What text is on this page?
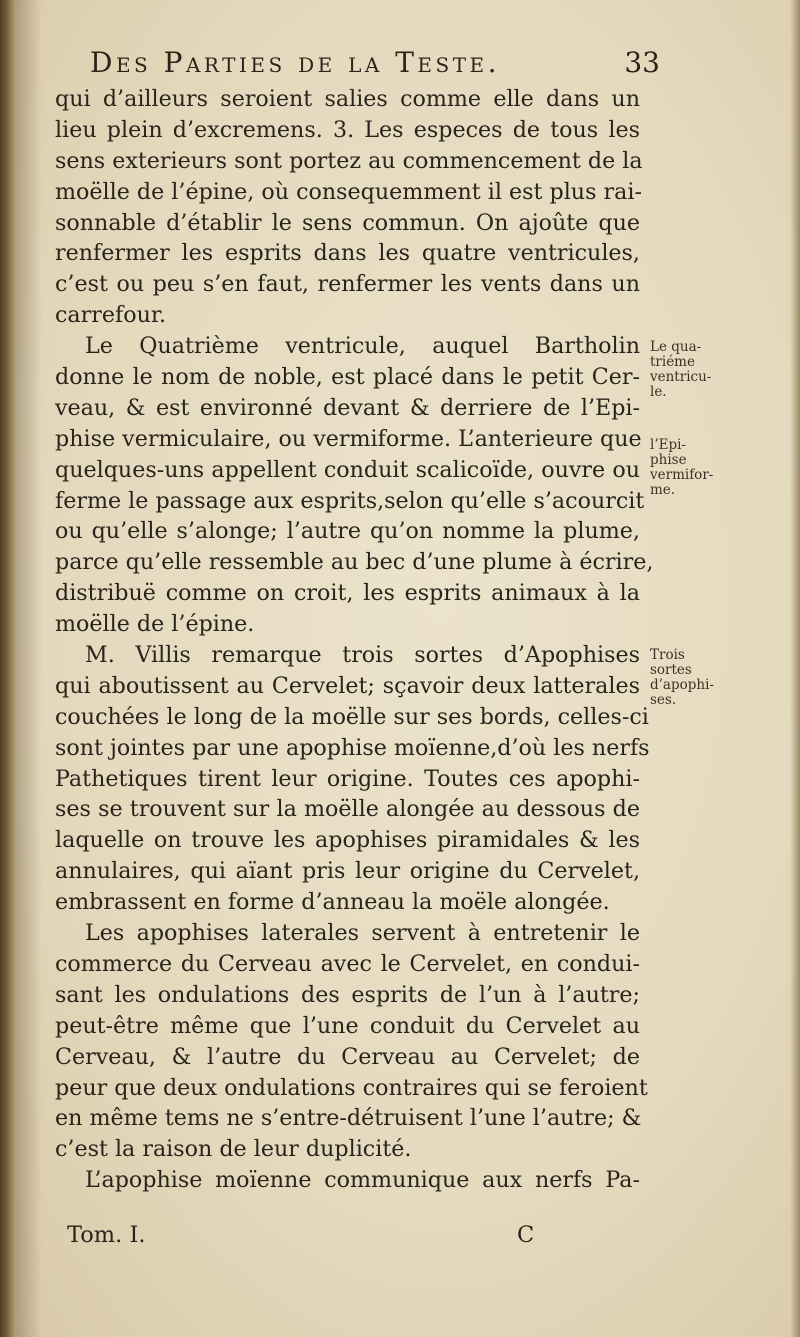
Des Parties de la Teste.	33
qui d’ailleurs seroient salies comme elle dans un
lieu plein d’excremens. 3. Les especes de tous les
sens exterieurs sont portez au commencement de la
moëlle de l’épine, où consequemment il est plus rai-
sonnable d’établir le sens commun. On ajoûte que
renfermer les esprits dans les quatre ventricules,
c’est ou peu s’en faut, renfermer les vents dans un
carrefour.
Le Quatrième ventricule, auquel Bartholin
donne le nom de noble, est placé dans le petit Cer-
veau, & est environné devant & derriere de l’Epi-
phise vermiculaire, ou vermiforme. L’anterieure que
quelques-uns appellent conduit scalicoïde, ouvre ou
ferme le passage aux esprits,selon qu’elle s’acourcit
ou qu’elle s’alonge; l’autre qu’on nomme la plume,
parce qu’elle ressemble au bec d’une plume à écrire,
distribuë comme on croit, les esprits animaux à la
moëlle de l’épine.
M. Villis remarque trois sortes d’Apophises
qui aboutissent au Cervelet; sçavoir deux latterales
couchées le long de la moëlle sur ses bords, celles-ci
sont jointes par une apophise moïenne,d’où les nerfs
Pathetiques tirent leur origine. Toutes ces apophi-
ses se trouvent sur la moëlle alongée au dessous de
laquelle on trouve les apophises piramidales & les
annulaires, qui aïant pris leur origine du Cervelet,
embrassent en forme d’anneau la moële alongée.
Les apophises laterales servent à entretenir le
commerce du Cerveau avec le Cervelet, en condui-
sant les ondulations des esprits de l’un à l’autre;
peut-être même que l’une conduit du Cervelet au
Cerveau, & l’autre du Cerveau au Cervelet; de
peur que deux ondulations contraires qui se feroient
en même tems ne s’entre-détruisent l’une l’autre; &
c’est la raison de leur duplicité.
L’apophise moïenne communique aux nerfs Pa-
Le qua-
triéme
ventricu-
le.
l’Epi-
phise
vermifor-
me.
Trois
sortes
d’apophi-
ses.
Tom. I.	C
